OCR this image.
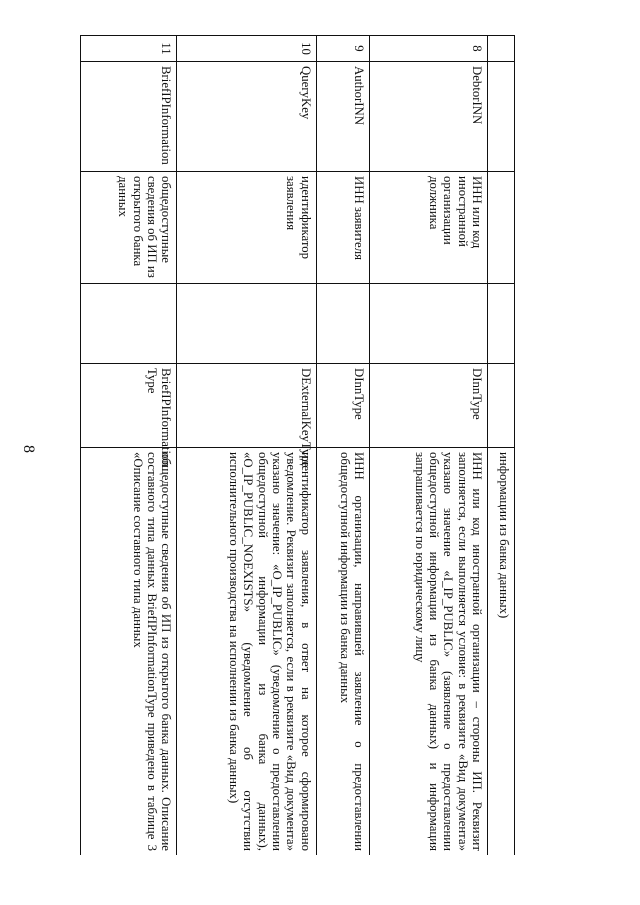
8
					информации из банка данных)
8	DebtorINN	ИНН или код иностранной организации должника		DInnType	ИНН или код иностранной организации – стороны ИП. Реквизит заполняется, если выполняется условие: в реквизите «Вид документа» указано значение «I_IP_PUBLIC» (заявление о предоставлении общедоступной информации из банка данных) и информация запрашивается по юридическому лицу
9	AuthorINN	ИНН заявителя		DInnType	ИНН организации, направившей заявление о предоставлении общедоступной информации из банка данных
10	QueryKey	идентификатор заявления		DExternalKeyType	идентификатор заявления, в ответ на которое сформировано уведомление. Реквизит заполняется, если в реквизите «Вид документа» указано значение: «O_IP_PUBLIC» (уведомление о предоставлении общедоступной информации из банка данных), «O_IP_PUBLIC_NOEXISTS» (уведомление об отсутствии исполнительного производства на исполнении из банка данных)
11	BriefIPInformation	общедоступные сведения об ИП из открытого банка данных		BriefIPInformation Type	общедоступные сведения об ИП из открытого банка данных. Описание составного типа данных BriefIPInformationType приведено в таблице 3 «Описание составного типа данных
